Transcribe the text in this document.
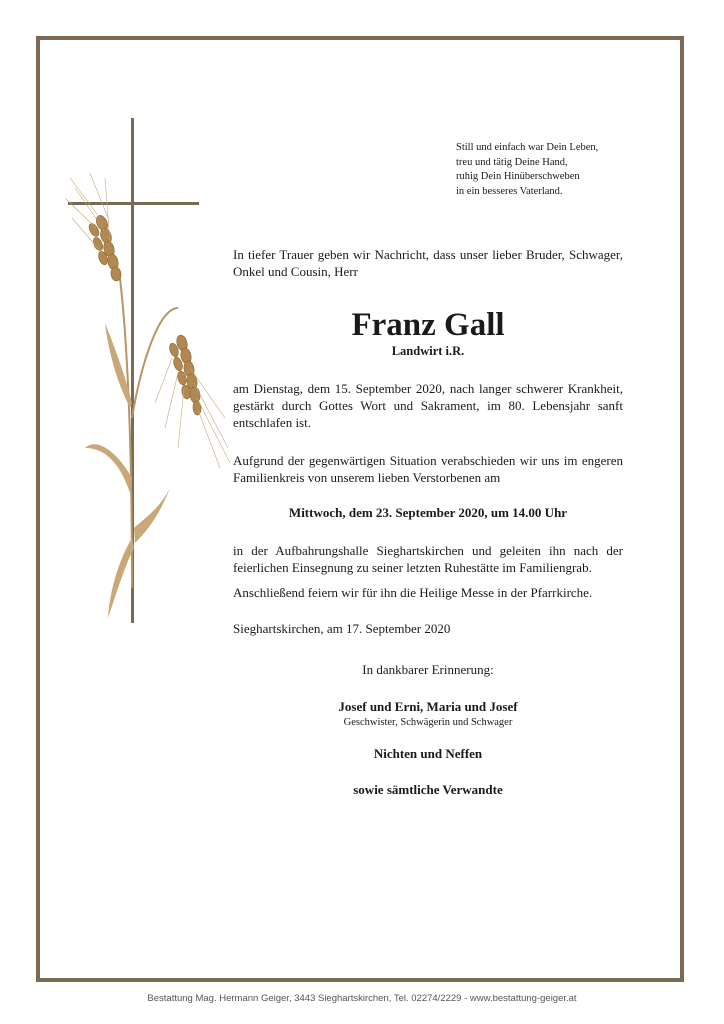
Still und einfach war Dein Leben,
treu und tätig Deine Hand,
ruhig Dein Hinüberschweben
in ein besseres Vaterland.
In tiefer Trauer geben wir Nachricht, dass unser lieber Bruder, Schwager, Onkel und Cousin, Herr
Franz Gall
Landwirt i.R.
am Dienstag, dem 15. September 2020, nach langer schwerer Krankheit, gestärkt durch Gottes Wort und Sakrament, im 80. Lebensjahr sanft entschlafen ist.
Aufgrund der gegenwärtigen Situation verabschieden wir uns im engeren Familienkreis von unserem lieben Verstorbenen am
Mittwoch, dem 23. September 2020, um 14.00 Uhr
in der Aufbahrungshalle Sieghartskirchen und geleiten ihn nach der feierlichen Einsegnung zu seiner letzten Ruhestätte im Familiengrab.
Anschließend feiern wir für ihn die Heilige Messe in der Pfarrkirche.
Sieghartskirchen, am 17. September 2020
In dankbarer Erinnerung:
Josef und Erni, Maria und Josef
Geschwister, Schwägerin und Schwager
Nichten und Neffen
sowie sämtliche Verwandte
Bestattung Mag. Hermann Geiger, 3443 Sieghartskirchen, Tel. 02274/2229 - www.bestattung-geiger.at
